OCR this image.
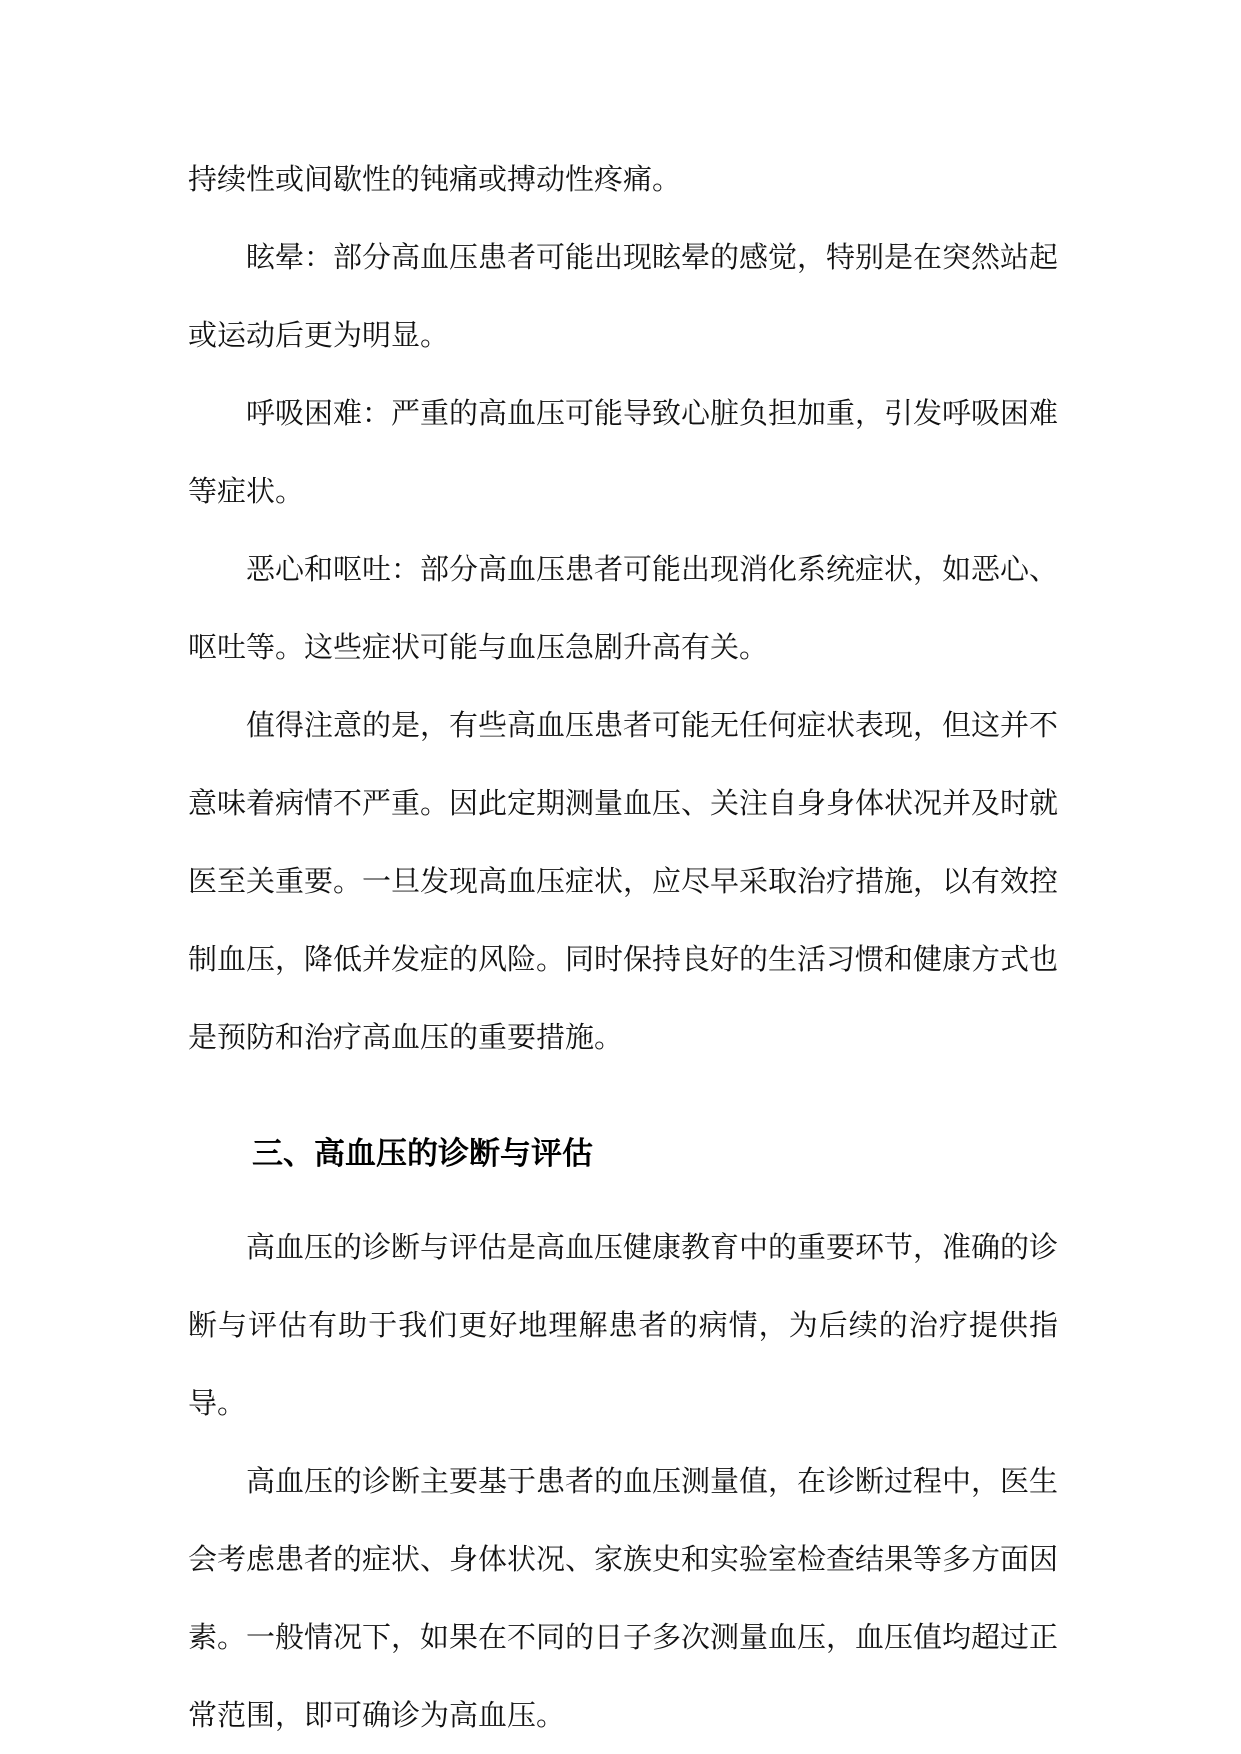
持续性或间歇性的钝痛或搏动性疼痛。

眩晕：部分高血压患者可能出现眩晕的感觉，特别是在突然站起或运动后更为明显。

呼吸困难：严重的高血压可能导致心脏负担加重，引发呼吸困难等症状。

恶心和呕吐：部分高血压患者可能出现消化系统症状，如恶心、呕吐等。这些症状可能与血压急剧升高有关。

值得注意的是，有些高血压患者可能无任何症状表现，但这并不意味着病情不严重。因此定期测量血压、关注自身身体状况并及时就医至关重要。一旦发现高血压症状，应尽早采取治疗措施，以有效控制血压，降低并发症的风险。同时保持良好的生活习惯和健康方式也是预防和治疗高血压的重要措施。

三、高血压的诊断与评估

高血压的诊断与评估是高血压健康教育中的重要环节，准确的诊断与评估有助于我们更好地理解患者的病情，为后续的治疗提供指导。

高血压的诊断主要基于患者的血压测量值，在诊断过程中，医生会考虑患者的症状、身体状况、家族史和实验室检查结果等多方面因素。一般情况下，如果在不同的日子多次测量血压，血压值均超过正常范围，即可确诊为高血压。
